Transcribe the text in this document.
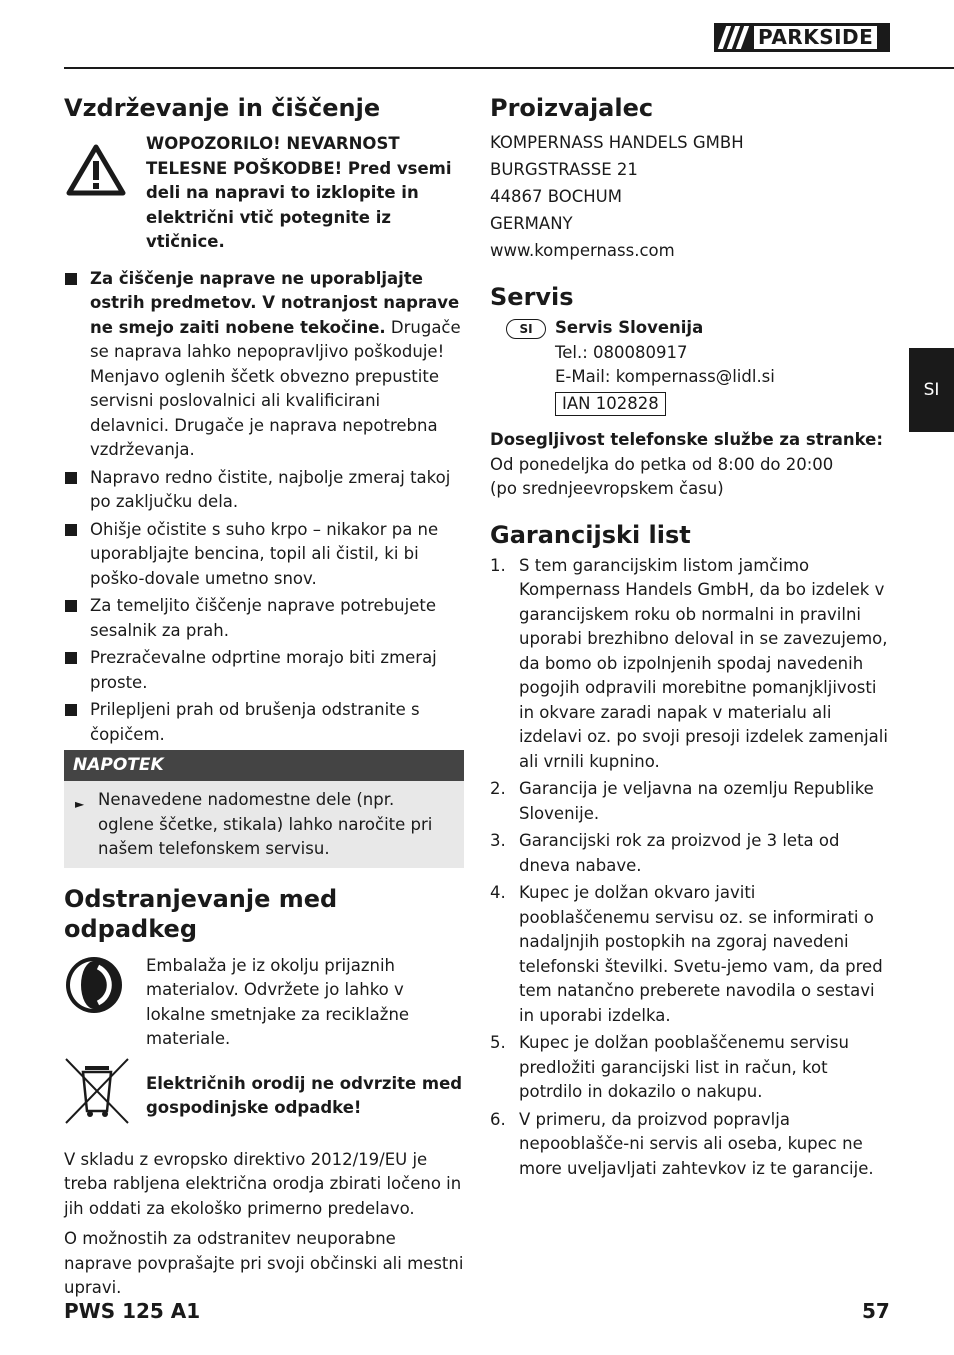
PARKSIDE
SI
Vzdrževanje in čiščenje

WOPOZORILO! NEVARNOST TELESNE POŠKODBE! Pred vsemi deli na napravi to izklopite in električni vtič potegnite iz vtičnice.

Za čiščenje naprave ne uporabljajte ostrih predmetov. V notranjost naprave ne smejo zaiti nobene tekočine. Drugače se naprava lahko nepopravljivo poškoduje! Menjavo oglenih ščetk obvezno prepustite servisni poslovalnici ali kvalificirani delavnici. Drugače je naprava nepotrebna vzdrževanja.
Napravo redno čistite, najbolje zmeraj takoj po zaključku dela.
Ohišje očistite s suho krpo – nikakor pa ne uporabljajte bencina, topil ali čistil, ki bi poško-dovale umetno snov.
Za temeljito čiščenje naprave potrebujete sesalnik za prah.
Prezračevalne odprtine morajo biti zmeraj proste.
Prilepljeni prah od brušenja odstranite s čopičem.
NAPOTEK
► Nenavedene nadomestne dele (npr. oglene ščetke, stikala) lahko naročite pri našem telefonskem servisu.

Odstranjevanje med odpadkeg

Embalaža je iz okolju prijaznih materialov. Odvržete jo lahko v lokalne smetnjake za reciklažne materiale.

Električnih orodij ne odvrzite med gospodinjske odpadke!

V skladu z evropsko direktivo 2012/19/EU je treba rabljena električna orodja zbirati ločeno in jih oddati za ekološko primerno predelavo.

O možnostih za odstranitev neuporabne naprave povprašajte pri svoji občinski ali mestni upravi.

Proizvajalec
KOMPERNASS HANDELS GMBH
BURGSTRASSE 21
44867 BOCHUM
GERMANY
www.kompernass.com
Servis
SI	Servis Slovenija
Tel.: 080080917
E-Mail: kompernass@lidl.si
IAN 102828

Dosegljivost telefonske službe za stranke:

Od ponedeljka do petka od 8:00 do 20:00

(po srednjeevropskem času)

Garancijski list
1. S tem garancijskim listom jamčimo Kompernass Handels GmbH, da bo izdelek v garancijskem roku ob normalni in pravilni uporabi brezhibno deloval in se zavezujemo, da bomo ob izpolnjenih spodaj navedenih pogojih odpravili morebitne pomanjkljivosti in okvare zaradi napak v materialu ali izdelavi oz. po svoji presoji izdelek zamenjali ali vrnili kupnino.
2. Garancija je veljavna na ozemlju Republike Slovenije.
3. Garancijski rok za proizvod je 3 leta od dneva nabave.
4. Kupec je dolžan okvaro javiti pooblaščenemu servisu oz. se informirati o nadaljnjih postopkih na zgoraj navedeni telefonski številki. Svetu-jemo vam, da pred tem natančno preberete navodila o sestavi in uporabi izdelka.
5. Kupec je dolžan pooblaščenemu servisu predložiti garancijski list in račun, kot potrdilo in dokazilo o nakupu.
6. V primeru, da proizvod popravlja nepooblašče-ni servis ali oseba, kupec ne more uveljavljati zahtevkov iz te garancije.
PWS 125 A1	57
